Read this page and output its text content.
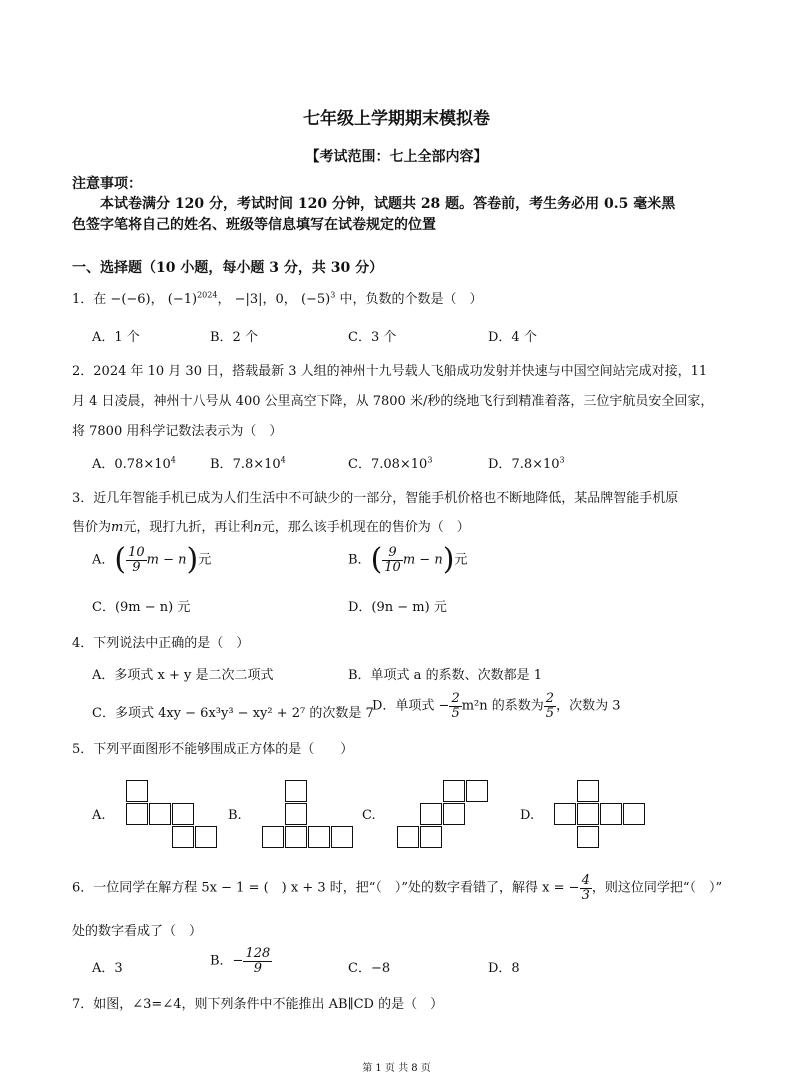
七年级上学期期末模拟卷
【考试范围：七上全部内容】
注意事项：
本试卷满分 120 分，考试时间 120 分钟，试题共 28 题。答卷前，考生务必用 0.5 毫米黑
色签字笔将自己的姓名、班级等信息填写在试卷规定的位置
一、选择题（10 小题，每小题 3 分，共 30 分）
1．在 −(−6)， $(-1)^{2024}$， −|3|，0， $(-5)^3$ 中，负数的个数是（　）
A．1 个	B．2 个	C．3 个	D．4 个
2．2024 年 10 月 30 日，搭载最新 3 人组的神州十九号载人飞船成功发射并快速与中国空间站完成对接，11
月 4 日凌晨，神州十八号从 400 公里高空下降，从 7800 米/秒的绕地飞行到精准着落，三位宇航员安全回家，
将 7800 用科学记数法表示为（　）
A．$0.78\times 10^4$	B．$7.8\times 10^4$	C．$7.08\times 10^3$	D．$7.8\times 10^3$
3．近几年智能手机已成为人们生活中不可缺少的一部分，智能手机价格也不断地降低，某品牌智能手机原
售价为m元，现打九折，再让利n元，那么该手机现在的售价为（　）
A．( $\frac{10}{9}$ m − n)元	B．( $\frac{9}{10}$ m − n)元
C．(9m − n) 元	D．(9n − m) 元
4．下列说法中正确的是（　）
A．多项式 x + y 是二次二项式	B．单项式 a 的系数、次数都是 1
C．多项式 4xy − 6x³y³ − xy² + 2⁷ 的次数是 7
D．单项式 − $\frac{2}{5} m^2n$ 的系数为 $\frac{2}{5}$ ，次数为 3
5．下列平面图形不能够围成正方体的是（　　）
A.	B.	C.	D.
6．一位同学在解方程 5x − 1 = (　) x + 3 时，把“（　）”处的数字看错了，解得 x = − $\frac{4}{3}$ ，则这位同学把“（　）”
处的数字看成了（　）
A．3	B．− $\frac{128}{9}$	C．−8	D．8
7．如图，∠3=∠4，则下列条件中不能推出 AB∥CD 的是（　）
第 1 页 共 8 页
